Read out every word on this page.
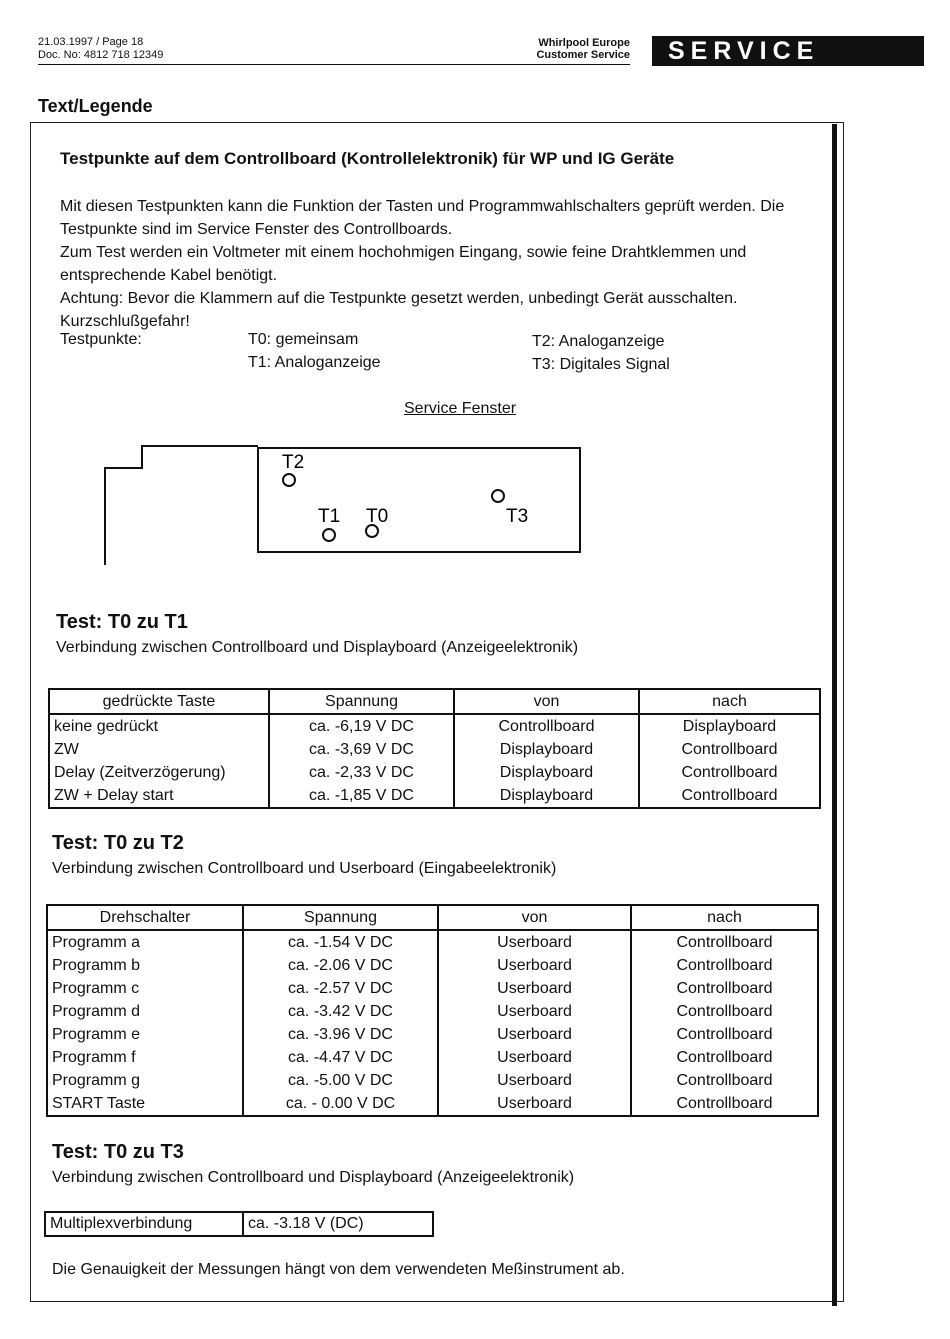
21.03.1997 / Page 18
Doc. No: 4812 718 12349
Whirlpool Europe
Customer Service	SERVICE
Text/Legende
Testpunkte auf dem Controllboard (Kontrollelektronik) für WP und IG Geräte

Mit diesen Testpunkten kann die Funktion der Tasten und Programmwahlschalters geprüft werden. Die Testpunkte sind im Service Fenster des Controllboards.

Zum Test werden ein Voltmeter mit einem hochohmigen Eingang, sowie feine Drahtklemmen und entsprechende Kabel benötigt.

Achtung: Bevor die Klammern auf die Testpunkte gesetzt werden, unbedingt Gerät ausschalten. Kurzschlußgefahr!

Testpunkte:	T0: gemeinsam
T1: Analoganzeige
T2: Analoganzeige
T3: Digitales Signal
Service Fenster
T2
T1 T0	T3
Test: T0 zu T1
Verbindung zwischen Controllboard und Displayboard (Anzeigeelektronik)
gedrückte Taste	Spannung	von	nach
keine gedrückt	ca. -6,19 V DC	Controllboard	Displayboard
ZW	ca. -3,69 V DC	Displayboard	Controllboard
Delay (Zeitverzögerung)	ca. -2,33 V DC	Displayboard	Controllboard
ZW + Delay start	ca. -1,85 V DC	Displayboard	Controllboard
Test: T0 zu T2
Verbindung zwischen Controllboard und Userboard (Eingabeelektronik)
Drehschalter	Spannung	von	nach
Programm a	ca. -1.54 V DC	Userboard	Controllboard
Programm b	ca. -2.06 V DC	Userboard	Controllboard
Programm c	ca. -2.57 V DC	Userboard	Controllboard
Programm d	ca. -3.42 V DC	Userboard	Controllboard
Programm e	ca. -3.96 V DC	Userboard	Controllboard
Programm f	ca. -4.47 V DC	Userboard	Controllboard
Programm g	ca. -5.00 V DC	Userboard	Controllboard
START Taste	ca. - 0.00 V DC	Userboard	Controllboard
Test: T0 zu T3
Verbindung zwischen Controllboard und Displayboard (Anzeigeelektronik)
Multiplexverbindung	ca. -3.18 V (DC)
Die Genauigkeit der Messungen hängt von dem verwendeten Meßinstrument ab.
